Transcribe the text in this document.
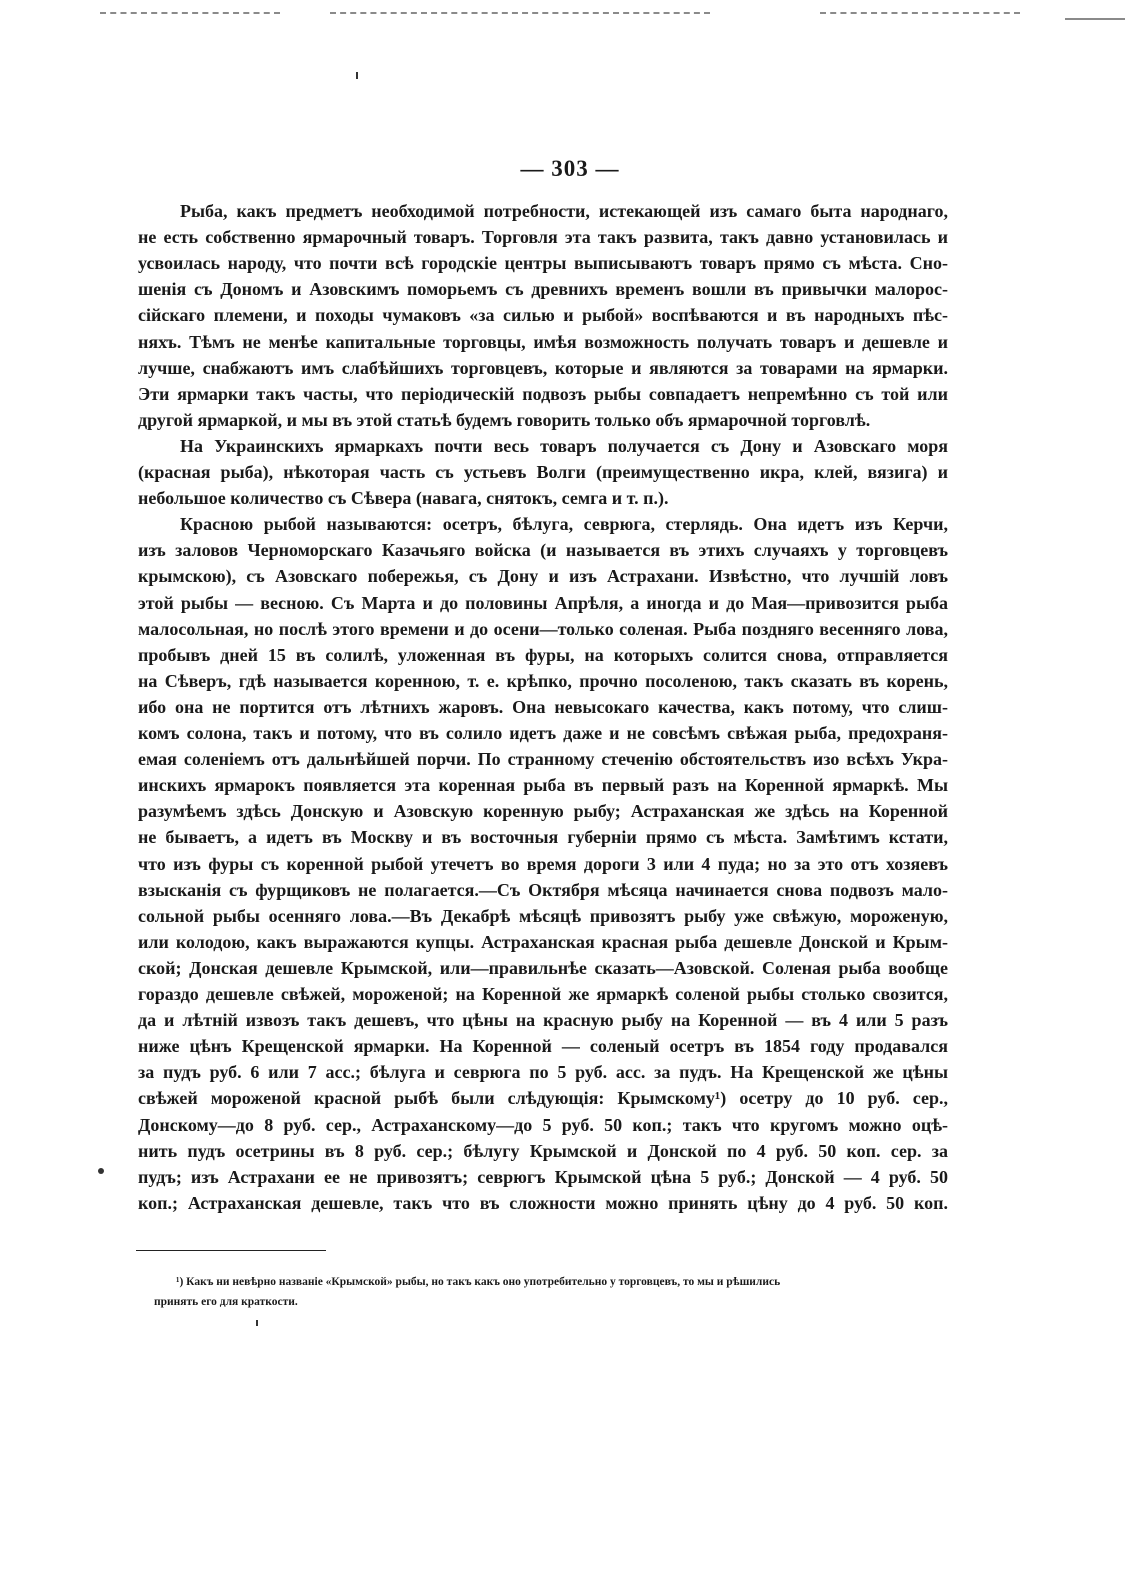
— 303 —
Рыба, какъ предметъ необходимой потребности, истекающей изъ самаго быта народнаго,
не есть собственно ярмарочный товаръ. Торговля эта такъ развита, такъ давно установилась и
усвоилась народу, что почти всѣ городскіе центры выписываютъ товаръ прямо съ мѣста. Сно-
шенія съ Дономъ и Азовскимъ поморьемъ съ древнихъ временъ вошли въ привычки малорос-
сійскаго племени, и походы чумаковъ «за силью и рыбой» воспѣваются и въ народныхъ пѣс-
няхъ. Тѣмъ не менѣе капитальные торговцы, имѣя возможность получать товаръ и дешевле и
лучше, снабжаютъ имъ слабѣйшихъ торговцевъ, которые и являются за товарами на ярмарки.
Эти ярмарки такъ часты, что періодическій подвозъ рыбы совпадаетъ непремѣнно съ той или
другой ярмаркой, и мы въ этой статьѣ будемъ говорить только объ ярмарочной торговлѣ.
На Украинскихъ ярмаркахъ почти весь товаръ получается съ Дону и Азовскаго моря
(красная рыба), нѣкоторая часть съ устьевъ Волги (преимущественно икра, клей, вязига) и
небольшое количество съ Сѣвера (навага, снятокъ, семга и т. п.).
Красною рыбой называются: осетръ, бѣлуга, севрюга, стерлядь. Она идетъ изъ Керчи,
изъ заловов Черноморскаго Казачьяго войска (и называется въ этихъ случаяхъ у торговцевъ
крымскою), съ Азовскаго побережья, съ Дону и изъ Астрахани. Извѣстно, что лучшій ловъ
этой рыбы — весною. Съ Марта и до половины Апрѣля, а иногда и до Мая—привозится рыба
малосольная, но послѣ этого времени и до осени—только соленая. Рыба поздняго весенняго лова,
пробывъ дней 15 въ солилѣ, уложенная въ фуры, на которыхъ солится снова, отправляется
на Сѣверъ, гдѣ называется коренною, т. е. крѣпко, прочно посоленою, такъ сказать въ корень,
ибо она не портится отъ лѣтнихъ жаровъ. Она невысокаго качества, какъ потому, что слиш-
комъ солона, такъ и потому, что въ солило идетъ даже и не совсѣмъ свѣжая рыба, предохраня-
емая соленіемъ отъ дальнѣйшей порчи. По странному стеченію обстоятельствъ изо всѣхъ Укра-
инскихъ ярмарокъ появляется эта коренная рыба въ первый разъ на Коренной ярмаркѣ. Мы
разумѣемъ здѣсь Донскую и Азовскую коренную рыбу; Астраханская же здѣсь на Коренной
не бываетъ, а идетъ въ Москву и въ восточныя губерніи прямо съ мѣста. Замѣтимъ кстати,
что изъ фуры съ коренной рыбой утечетъ во время дороги 3 или 4 пуда; но за это отъ хозяевъ
взысканія съ фурщиковъ не полагается.—Съ Октября мѣсяца начинается снова подвозъ мало-
сольной рыбы осенняго лова.—Въ Декабрѣ мѣсяцѣ привозятъ рыбу уже свѣжую, мороженую,
или колодою, какъ выражаются купцы. Астраханская красная рыба дешевле Донской и Крым-
ской; Донская дешевле Крымской, или—правильнѣе сказать—Азовской. Соленая рыба вообще
гораздо дешевле свѣжей, мороженой; на Коренной же ярмаркѣ соленой рыбы столько свозится,
да и лѣтній извозъ такъ дешевъ, что цѣны на красную рыбу на Коренной — въ 4 или 5 разъ
ниже цѣнъ Крещенской ярмарки. На Коренной — соленый осетръ въ 1854 году продавался
за пудъ руб. 6 или 7 асс.; бѣлуга и севрюга по 5 руб. асс. за пудъ. На Крещенской же цѣны
свѣжей мороженой красной рыбѣ были слѣдующія: Крымскому¹) осетру до 10 руб. сер.,
Донскому—до 8 руб. сер., Астраханскому—до 5 руб. 50 коп.; такъ что кругомъ можно оцѣ-
нить пудъ осетрины въ 8 руб. сер.; бѣлугу Крымской и Донской по 4 руб. 50 коп. сер. за
пудъ; изъ Астрахани ее не привозятъ; севрюгъ Крымской цѣна 5 руб.; Донской — 4 руб. 50
коп.; Астраханская дешевле, такъ что въ сложности можно принять цѣну до 4 руб. 50 коп.
¹) Какъ ни невѣрно названіе «Крымской» рыбы, но такъ какъ оно употребительно у торговцевъ, то мы и рѣшились
принять его для краткости.
